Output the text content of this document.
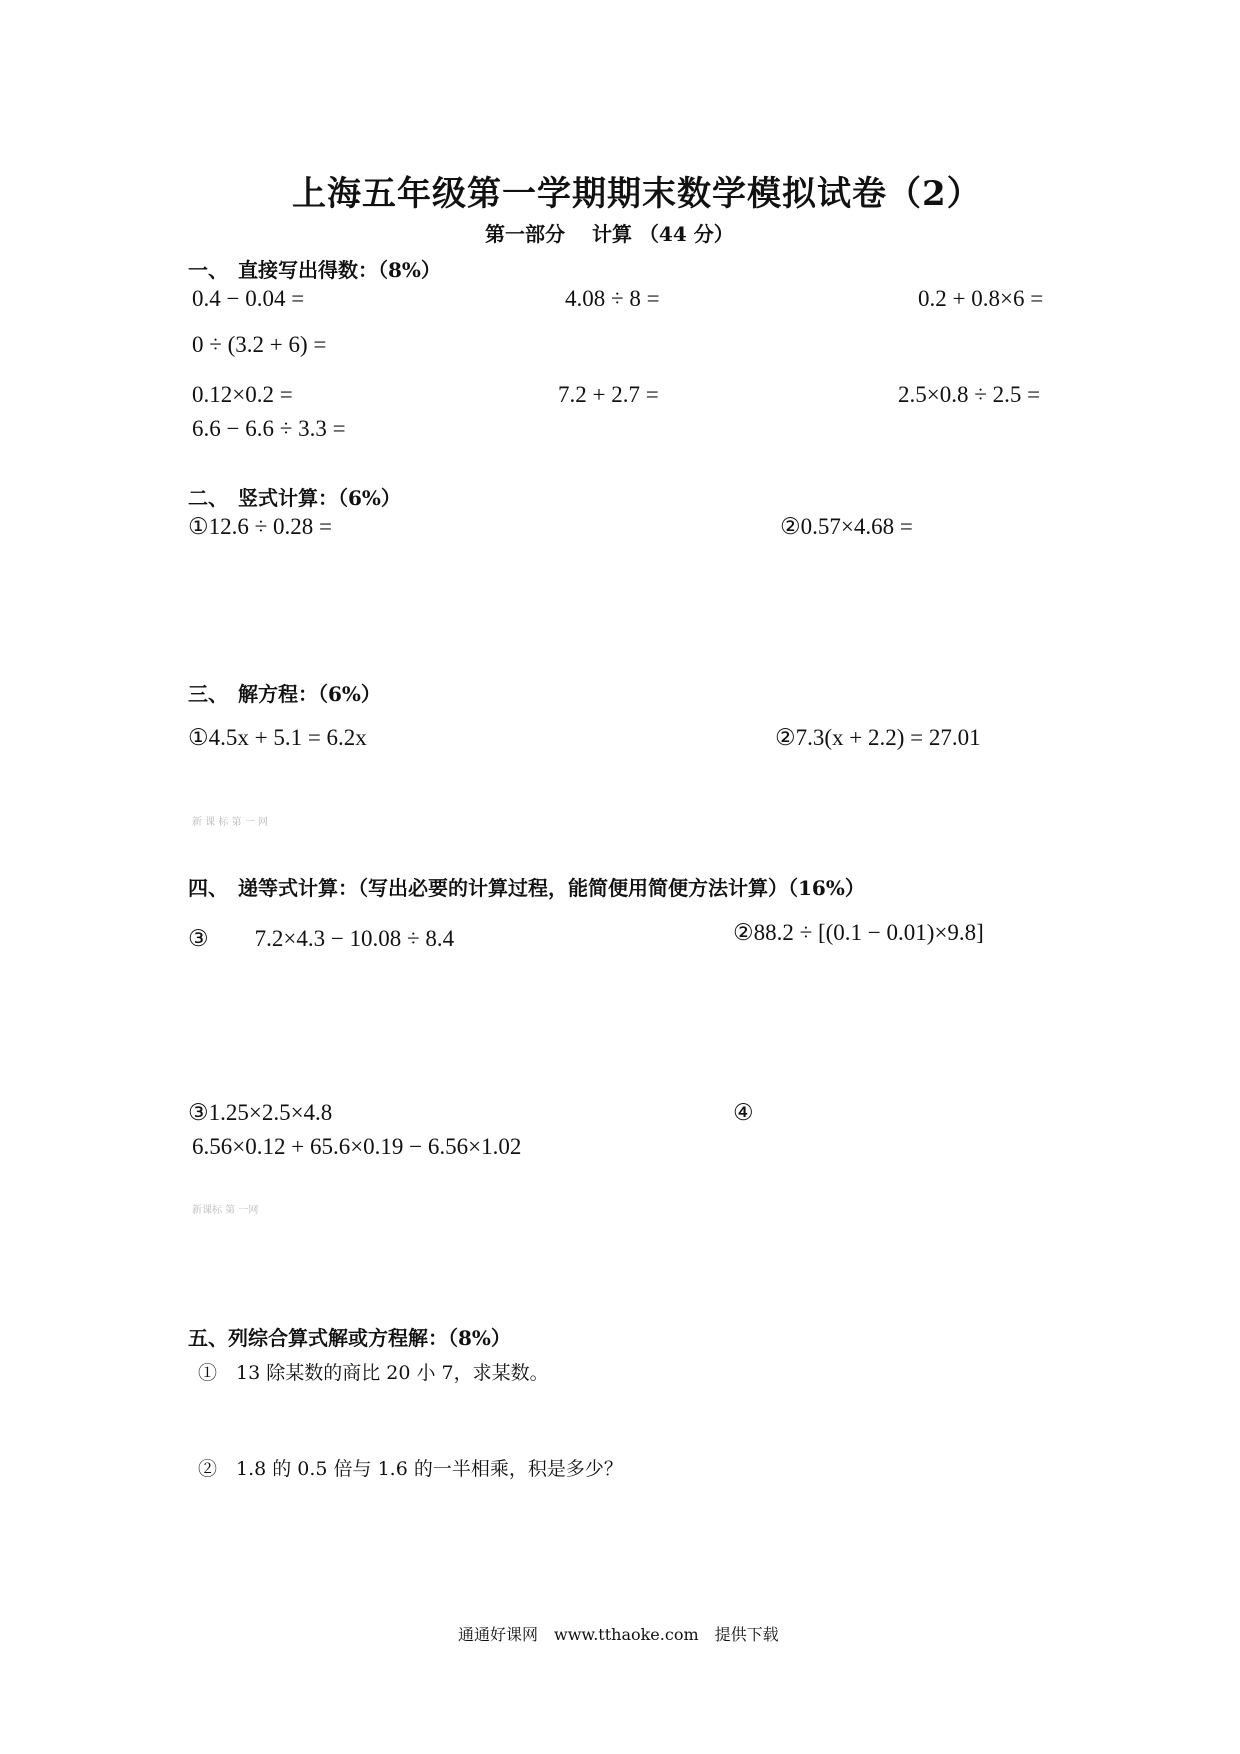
上海五年级第一学期期末数学模拟试卷（2）
第一部分　 计算 （44 分）
一、　直接写出得数：（8%）
0.4 − 0.04 =	4.08 ÷ 8 =	0.2 + 0.8×6 =
0 ÷ (3.2 + 6) =
0.12×0.2 =	7.2 + 2.7 =	2.5×0.8 ÷ 2.5 =
6.6 − 6.6 ÷ 3.3 =
二、　竖式计算：（6%）
①12.6 ÷ 0.28 =	②0.57×4.68 =
三、　解方程：（6%）
①4.5x + 5.1 = 6.2x	②7.3(x + 2.2) = 27.01
新 课 标 第 一 网
四、　递等式计算：（写出必要的计算过程，能简便用简便方法计算）（16%）
③　　7.2×4.3 − 10.08 ÷ 8.4	②88.2 ÷ [(0.1 − 0.01)×9.8]
③1.25×2.5×4.8	④
6.56×0.12 + 65.6×0.19 − 6.56×1.02
新课标 第 一网
五、列综合算式解或方程解：（8%）
①　13 除某数的商比 20 小 7，求某数。
②　1.8 的 0.5 倍与 1.6 的一半相乘，积是多少？
通通好课网　www.tthaoke.com　提供下载
